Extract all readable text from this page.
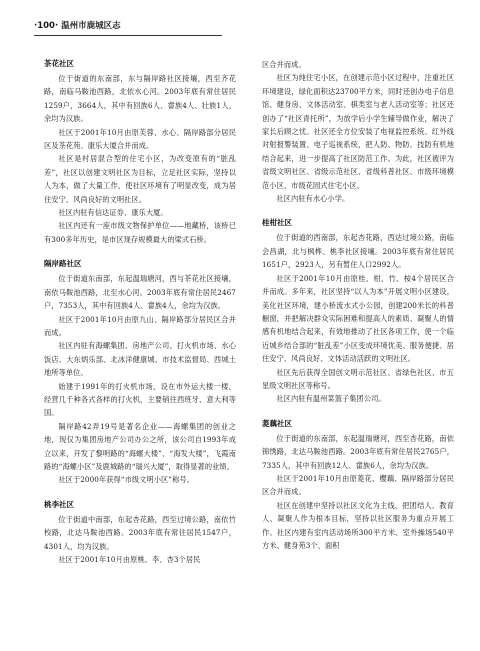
·100· 温州市鹿城区志
茶花社区

位于街道的东南部，东与隔岸路社区接壤，西至齐花路，南临马鞍池西路，北依水心河。2003年底有常住居民1259户，3664人，其中有回族6人、畲族4人、壮族1人，余均为汉族。

社区于2001年10月由原芙蓉、水心、隔岸路部分居民区及茶花苑、康乐大厦合并而成。

社区是村居混合型的住宅小区，为改变原有的“脏乱差”，社区以创建文明社区为目标，立足社区实际，坚持以人为本，做了大量工作，使社区环境有了明显改变，成为居住安宁、风尚良好的文明社区。

社区内驻有信达证券、康乐大厦。

社区内还有一座市级文物保护单位——地藏桥，该桥已有300多年历史，是市区现存规模最大的梁式石桥。

隔岸路社区

位于街道东南部，东起温瑞塘河，西与茶花社区接壤，南依马鞍池西路，北至水心河。2003年底有常住居民2467户，7353人，其中有回族4人、畲族4人，余均为汉族。

社区于2001年10月由原九山、隔岸路部分居民区合并而成。

社区内驻有海螺集团、房地产公司、打火机市场、水心饭店、大东炳乐部、北冰洋健康城、市技术监督局、西城土地所等单位。

始建于1991年的打火机市场，设在市外运大楼一楼，经营几千种各式各样的打火机，主要销往西班牙、意大利等国。

隔岸路42弄19号是著名企业——海螺集团的创业之地，现仅为集团房地产公司办公之所，该公司自1993年成立以来，开发了黎明路的“海螺大楼”、“海发大楼”，飞霞南路的“海螺小区”及鹿城路的“瑞兴大厦”，取得显著的业绩。

社区于2000年获得“市级文明小区”称号。

桃李社区

位于街道中南部，东起杏花路，西至过境公路，南依竹校路，北达马鞍池西路。2003年底有常住居民1547户，4301人，均为汉族。

社区于2001年10月由原桃、李、杏3个居民

区合并而成。

社区为纯住宅小区，在创建示范小区过程中，注重社区环境建设，绿化面积达23700平方米，同时还创办电子信息馆、健身房、文体活动室、棋类室与老人活动室等；社区还创办了“社区青托所”，为放学后小学生辅导做作业，解决了家长后顾之忧。社区还全方位安装了电视监控系统、红外线对射报警装置、电子巡视系统，把人防、物防、技防有机地结合起来，进一步提高了社区防范工作。为此，社区被评为省级文明社区、省级示范社区、省级科普社区、市级环境模范小区、市级花园式住宅小区。

社区内驻有水心小学。

桂柑社区

位于街道的西南部，东起杏花路，西达过境公路，南临会昌湖，北与枫桦、桃李社区接壤。2003年底有常住居民1651户，2923人，另有暂住人口2992人。

社区于2001年10月由原桂、柑、竹、桉4个居民区合并而成。多年来，社区坚持“以人为本”开展文明小区建设，美化社区环境，建小桥流水式小公园，创建200米长的科普橱窗，并把解决群众实际困难和提高人的素质、凝聚人的情感有机地结合起来，有效地推动了社区各项工作，使一个临近城乡结合部的“脏乱差”小区变成环境优美、服务便捷、居住安宁、风尚良好、文体活动活跃的文明社区。

社区先后获得全国创文明示范社区、省绿色社区、市五星级文明社区等称号。

社区内驻有温州菜篮子集团公司。

菱藕社区

位于街道的东南部，东起温瑞塘河，西至杏花路，南依锦绣路，北达马鞍池西路。2003年底有常住居民2765户，7335人，其中有回族12人、畲族6人，余均为汉族。

社区于2001年10月由原菱花、樱藕、隔岸路部分居民区合并而成。

社区在创建中坚持以社区文化为主线，把团结人、教育人、凝聚人作为根本目标，坚持以社区服务为重点开展工作。社区内建有室内活动场所300平方米、室外操场540平方米、健身苑3个、面积
